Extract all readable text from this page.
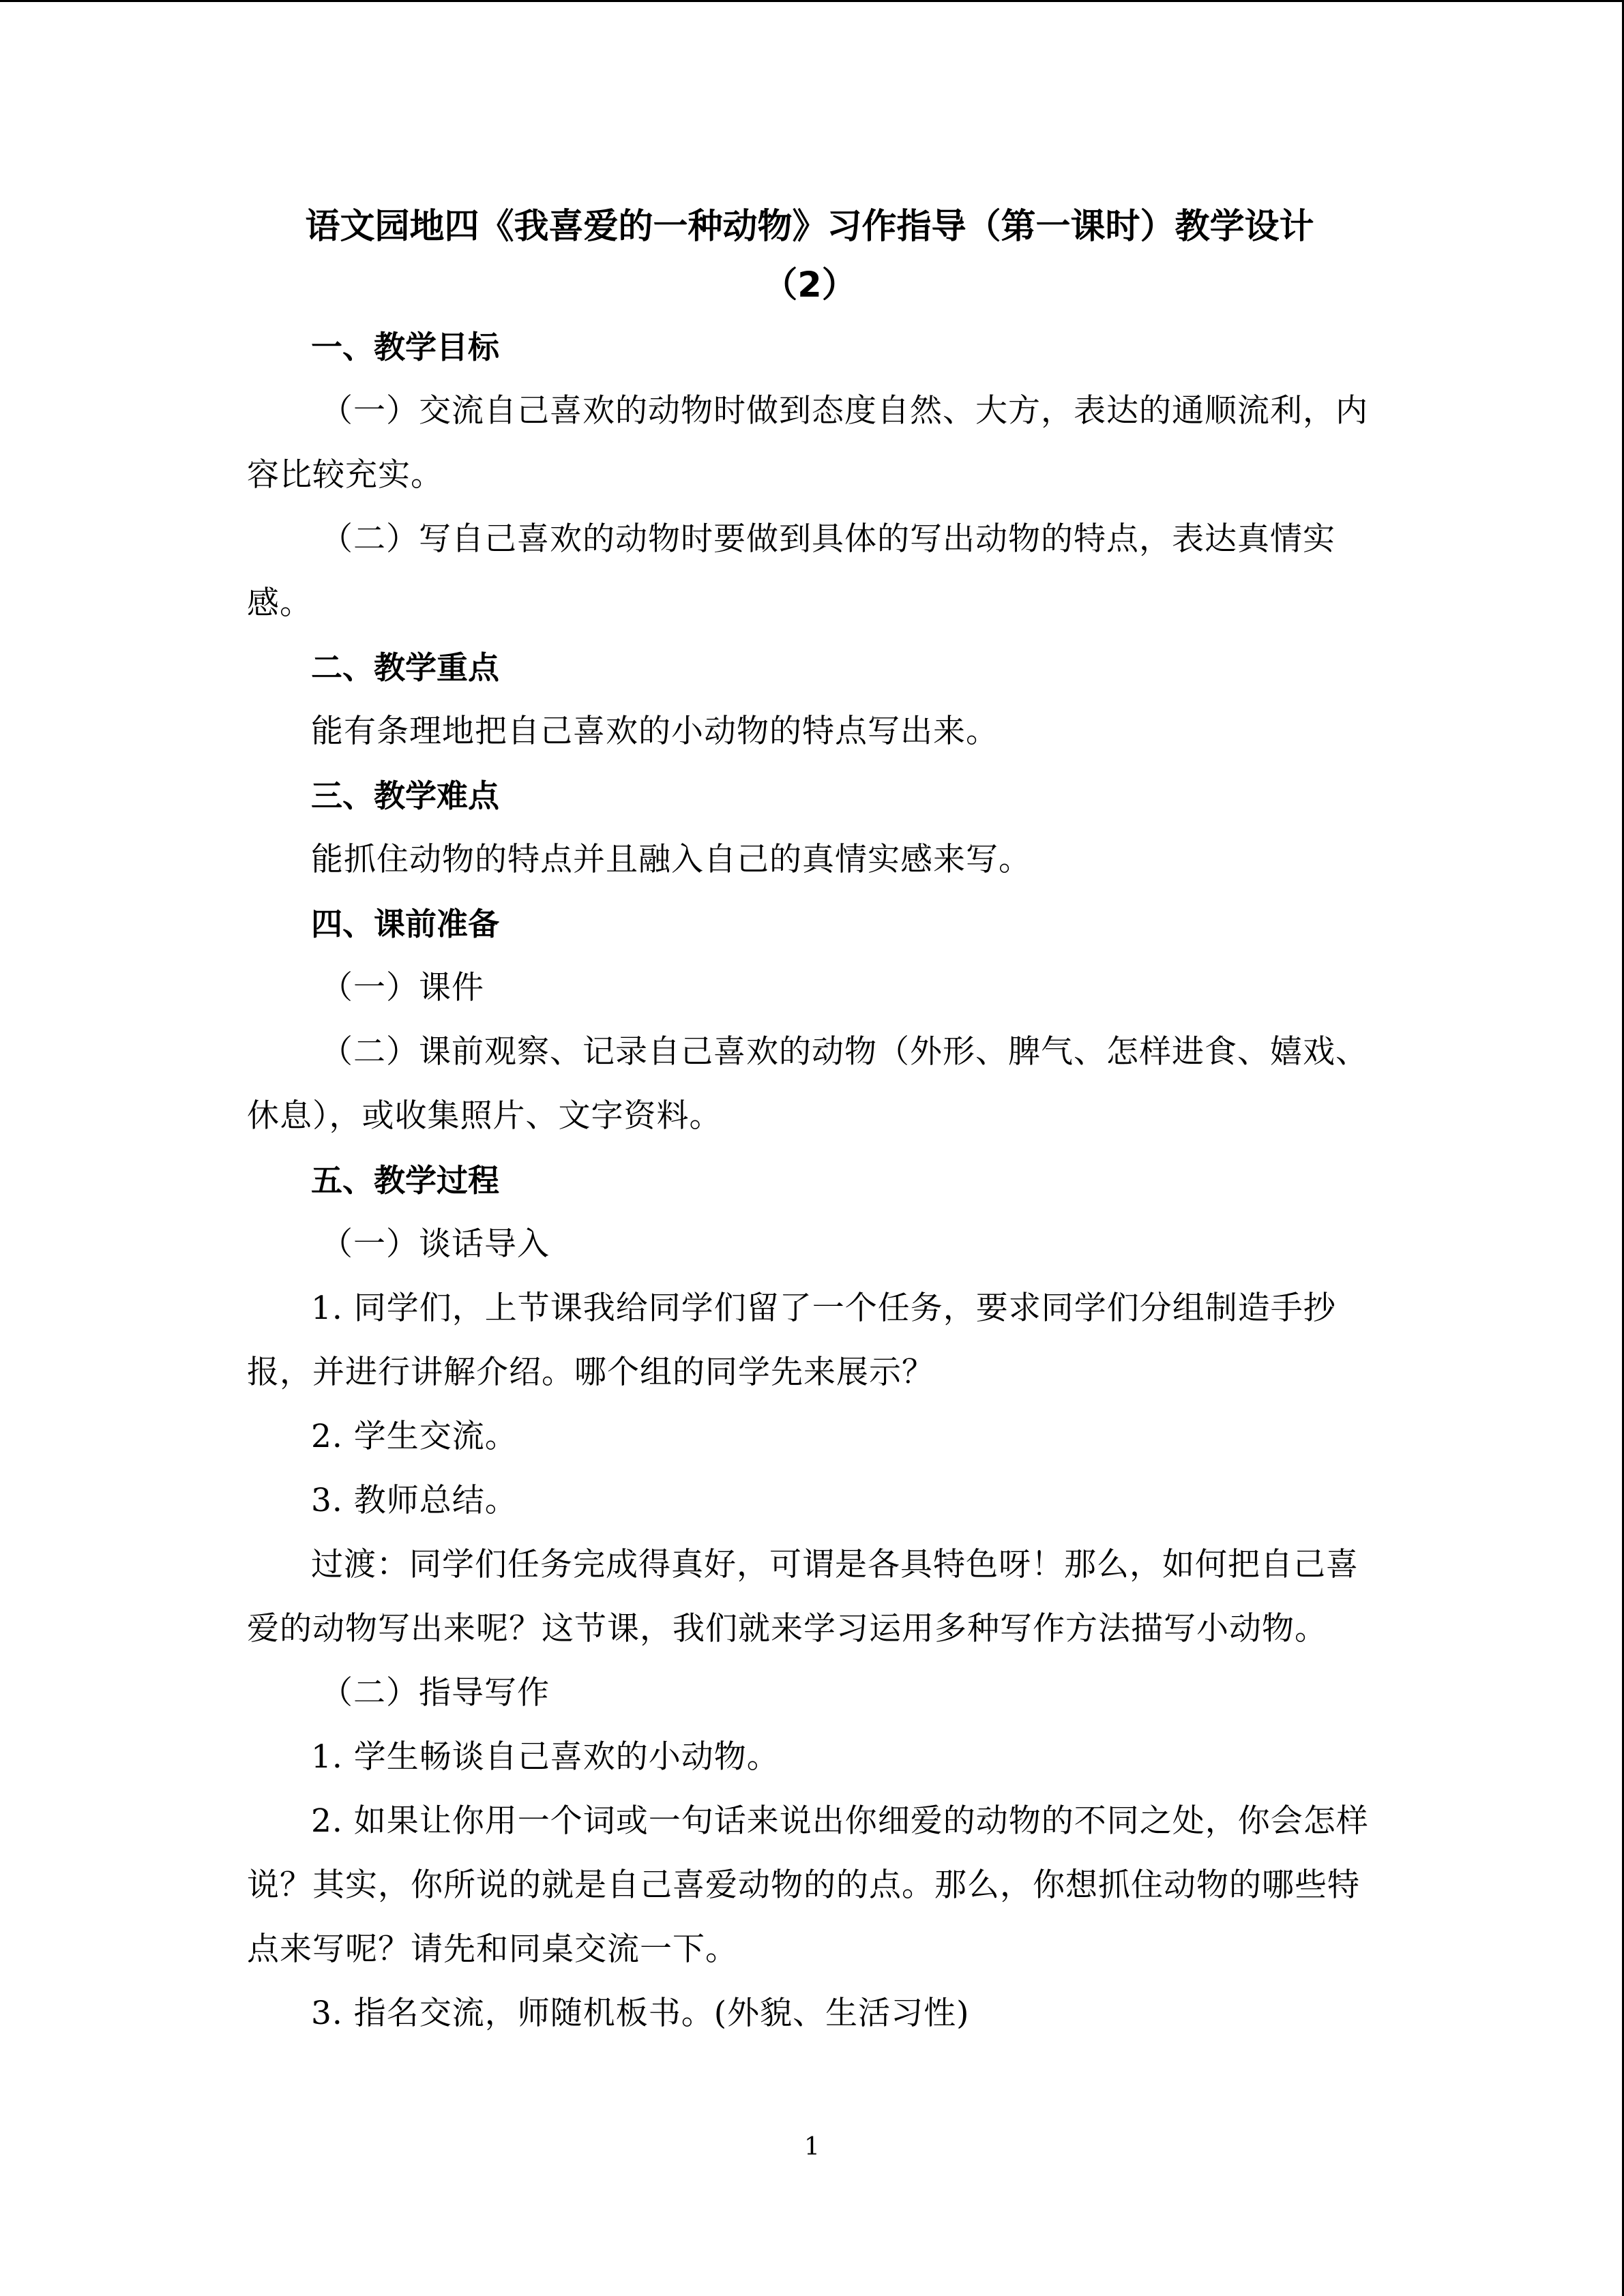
语文园地四《我喜爱的一种动物》习作指导（第一课时）教学设计
（2）

一、教学目标

（一）交流自己喜欢的动物时做到态度自然、大方，表达的通顺流利，内容比较充实。

（二）写自己喜欢的动物时要做到具体的写出动物的特点，表达真情实感。

二、教学重点

能有条理地把自己喜欢的小动物的特点写出来。

三、教学难点

能抓住动物的特点并且融入自己的真情实感来写。

四、课前准备

（一）课件

（二）课前观察、记录自己喜欢的动物（外形、脾气、怎样进食、嬉戏、休息），或收集照片、文字资料。

五、教学过程

（一）谈话导入

1. 同学们，上节课我给同学们留了一个任务，要求同学们分组制造手抄报，并进行讲解介绍。哪个组的同学先来展示？

2. 学生交流。

3. 教师总结。

过渡：同学们任务完成得真好，可谓是各具特色呀！那么，如何把自己喜爱的动物写出来呢？这节课，我们就来学习运用多种写作方法描写小动物。

（二）指导写作

1. 学生畅谈自己喜欢的小动物。

2. 如果让你用一个词或一句话来说出你细爱的动物的不同之处，你会怎样说？其实，你所说的就是自己喜爱动物的的点。那么，你想抓住动物的哪些特点来写呢？请先和同桌交流一下。

3. 指名交流，师随机板书。(外貌、生活习性)

1
